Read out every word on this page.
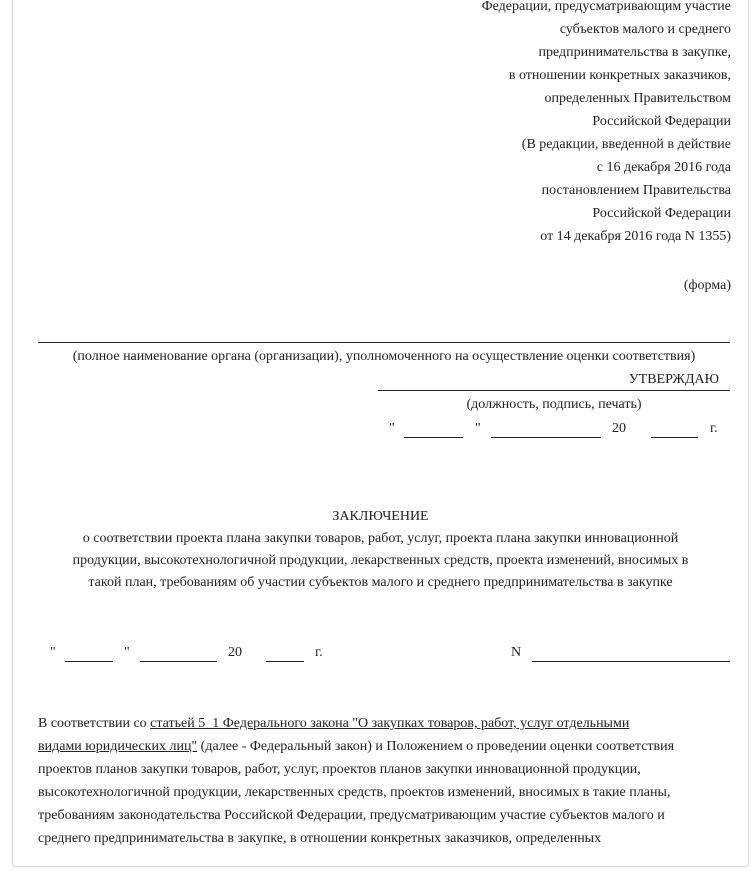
Федерации, предусматривающим участие
субъектов малого и среднего
предпринимательства в закупке,
в отношении конкретных заказчиков,
определенных Правительством
Российской Федерации
(В редакции, введенной в действие
с 16 декабря 2016 года
постановлением Правительства
Российской Федерации
от 14 декабря 2016 года N 1355)
(форма)
(полное наименование органа (организации), уполномоченного на осуществление оценки соответствия)
УТВЕРЖДАЮ
(должность, подпись, печать)
"	"	20	г.
ЗАКЛЮЧЕНИЕ
о соответствии проекта плана закупки товаров, работ, услуг, проекта плана закупки инновационной
продукции, высокотехнологичной продукции, лекарственных средств, проекта изменений, вносимых в
такой план, требованиям об участии субъектов малого и среднего предпринимательства в закупке
"	"	20	г.	N
В соответствии со статьей 5_1 Федерального закона "О закупках товаров, работ, услуг отдельными
видами юридических лиц" (далее - Федеральный закон) и Положением о проведении оценки соответствия
проектов планов закупки товаров, работ, услуг, проектов планов закупки инновационной продукции,
высокотехнологичной продукции, лекарственных средств, проектов изменений, вносимых в такие планы,
требованиям законодательства Российской Федерации, предусматривающим участие субъектов малого и
среднего предпринимательства в закупке, в отношении конкретных заказчиков, определенных
